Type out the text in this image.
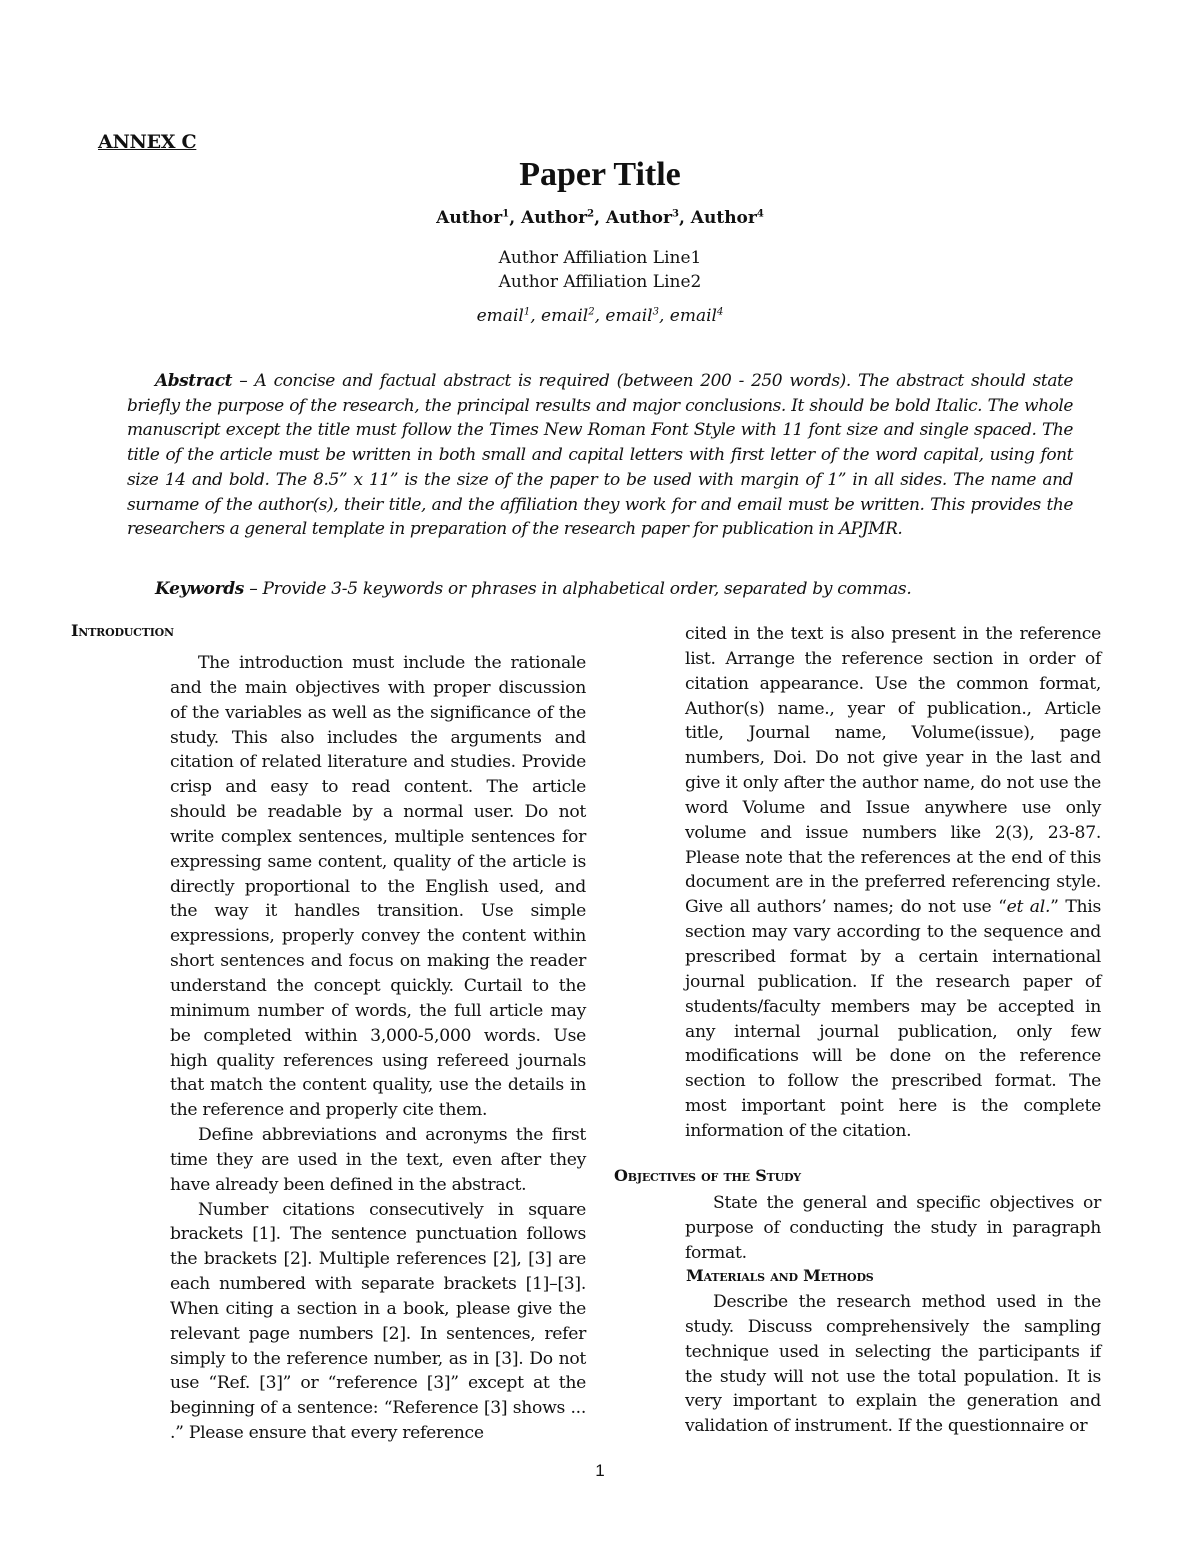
ANNEX C
Paper Title
Author$^1$, Author$^2$, Author$^3$, Author$^4$
Author Affiliation Line1
Author Affiliation Line2
email$^1$, email$^2$, email$^3$, email$^4$

Abstract – A concise and factual abstract is required (between 200 - 250 words). The abstract should state briefly the purpose of the research, the principal results and major conclusions. It should be bold Italic. The whole manuscript except the title must follow the Times New Roman Font Style with 11 font size and single spaced. The title of the article must be written in both small and capital letters with first letter of the word capital, using font size 14 and bold. The 8.5” x 11” is the size of the paper to be used with margin of 1” in all sides. The name and surname of the author(s), their title, and the affiliation they work for and email must be written. This provides the researchers a general template in preparation of the research paper for publication in APJMR.

Keywords – Provide 3-5 keywords or phrases in alphabetical order, separated by commas.

Introduction

The introduction must include the rationale and the main objectives with proper discussion of the variables as well as the significance of the study. This also includes the arguments and citation of related literature and studies. Provide crisp and easy to read content. The article should be readable by a normal user. Do not write complex sentences, multiple sentences for expressing same content, quality of the article is directly proportional to the English used, and the way it handles transition. Use simple expressions, properly convey the content within short sentences and focus on making the reader understand the concept quickly. Curtail to the minimum number of words, the full article may be completed within 3,000-5,000 words. Use high quality references using refereed journals that match the content quality, use the details in the reference and properly cite them.

Define abbreviations and acronyms the first time they are used in the text, even after they have already been defined in the abstract.

Number citations consecutively in square brackets [1]. The sentence punctuation follows the brackets [2]. Multiple references [2], [3] are each numbered with separate brackets [1]–[3]. When citing a section in a book, please give the relevant page numbers [2]. In sentences, refer simply to the reference number, as in [3]. Do not use “Ref. [3]” or “reference [3]” except at the beginning of a sentence: “Reference [3] shows ... .” Please ensure that every reference

cited in the text is also present in the reference list. Arrange the reference section in order of citation appearance. Use the common format, Author(s) name., year of publication., Article title, Journal name, Volume(issue), page numbers, Doi. Do not give year in the last and give it only after the author name, do not use the word Volume and Issue anywhere use only volume and issue numbers like 2(3), 23-87. Please note that the references at the end of this document are in the preferred referencing style. Give all authors’ names; do not use “et al.” This section may vary according to the sequence and prescribed format by a certain international journal publication. If the research paper of students/faculty members may be accepted in any internal journal publication, only few modifications will be done on the reference section to follow the prescribed format. The most important point here is the complete information of the citation.

Objectives of the Study

State the general and specific objectives or purpose of conducting the study in paragraph format.

Materials and Methods

Describe the research method used in the study. Discuss comprehensively the sampling technique used in selecting the participants if the study will not use the total population. It is very important to explain the generation and validation of instrument. If the questionnaire or

1
